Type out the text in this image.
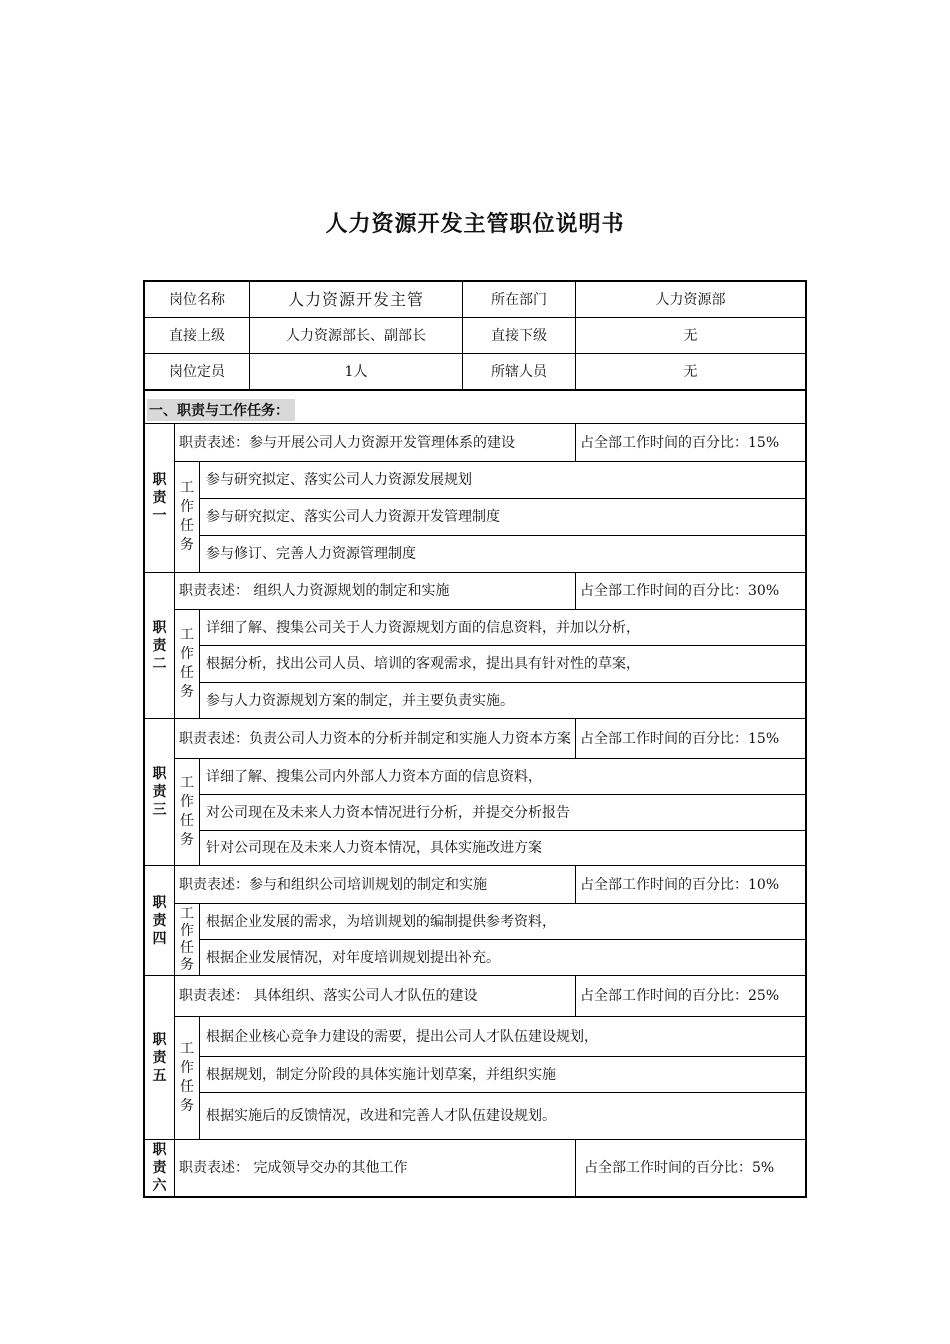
人力资源开发主管职位说明书
岗位名称	人力资源开发主管	所在部门	人力资源部
直接上级	人力资源部长、副部长	直接下级	无
岗位定员	1人	所辖人员	无
一、职责与工作任务：
职责一
职责表述：参与开展公司人力资源开发管理体系的建设	占全部工作时间的百分比：15%
工作任务
参与研究拟定、落实公司人力资源发展规划
参与研究拟定、落实公司人力资源开发管理制度
参与修订、完善人力资源管理制度
职责二
职责表述： 组织人力资源规划的制定和实施	占全部工作时间的百分比：30%
工作任务
详细了解、搜集公司关于人力资源规划方面的信息资料，并加以分析，
根据分析，找出公司人员、培训的客观需求，提出具有针对性的草案，
参与人力资源规划方案的制定，并主要负责实施。
职责三
职责表述：负责公司人力资本的分析并制定和实施人力资本方案 占全部工作时间的百分比：15%
工作任务
详细了解、搜集公司内外部人力资本方面的信息资料，
对公司现在及未来人力资本情况进行分析，并提交分析报告
针对公司现在及未来人力资本情况，具体实施改进方案
职责四
职责表述：参与和组织公司培训规划的制定和实施	占全部工作时间的百分比：10%
工作任务
根据企业发展的需求，为培训规划的编制提供参考资料，
根据企业发展情况，对年度培训规划提出补充。
职责五
职责表述： 具体组织、落实公司人才队伍的建设	占全部工作时间的百分比：25%
工作任务
根据企业核心竞争力建设的需要，提出公司人才队伍建设规划，
根据规划，制定分阶段的具体实施计划草案，并组织实施
根据实施后的反馈情况，改进和完善人才队伍建设规划。
职责六
职责表述： 完成领导交办的其他工作	占全部工作时间的百分比：5%
